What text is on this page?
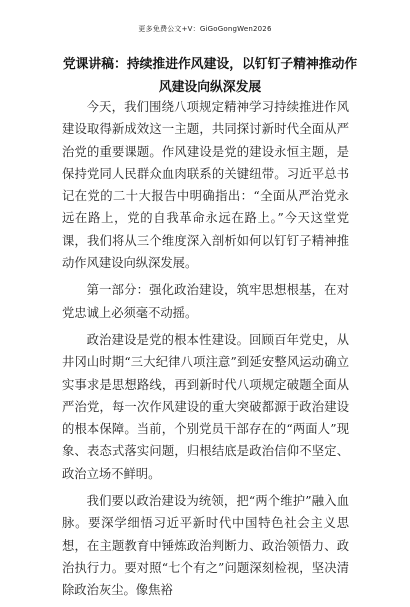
更多免费公文+V：GiGoGongWen2026
党课讲稿：持续推进作风建设，以钉钉子精神推动作风建设向纵深发展

今天，我们围绕八项规定精神学习持续推进作风建设取得新成效这一主题，共同探讨新时代全面从严治党的重要课题。作风建设是党的建设永恒主题，是保持党同人民群众血肉联系的关键纽带。习近平总书记在党的二十大报告中明确指出：“全面从严治党永远在路上，党的自我革命永远在路上。”今天这堂党课，我们将从三个维度深入剖析如何以钉钉子精神推动作风建设向纵深发展。

第一部分：强化政治建设，筑牢思想根基，在对党忠诚上必须毫不动摇。

政治建设是党的根本性建设。回顾百年党史，从井冈山时期“三大纪律八项注意”到延安整风运动确立实事求是思想路线，再到新时代八项规定破题全面从严治党，每一次作风建设的重大突破都源于政治建设的根本保障。当前，个别党员干部存在的“两面人”现象、表态式落实问题，归根结底是政治信仰不坚定、政治立场不鲜明。

我们要以政治建设为统领，把“两个维护”融入血脉。要深学细悟习近平新时代中国特色社会主义思想，在主题教育中锤炼政治判断力、政治领悟力、政治执行力。要对照“七个有之”问题深刻检视，坚决清除政治灰尘。像焦裕
